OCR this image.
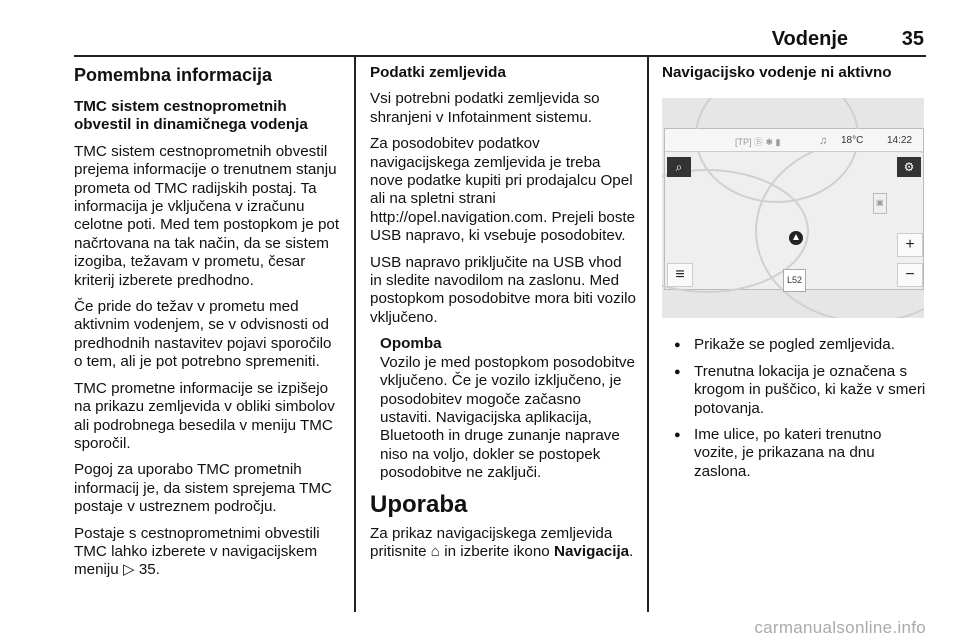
Vodenje	35
Pomembna informacija

TMC sistem cestnoprometnih obvestil in dinamičnega vodenja

TMC sistem cestnoprometnih obvestil prejema informacije o trenutnem stanju prometa od TMC radijskih postaj. Ta informacija je vključena v izračunu celotne poti. Med tem postopkom je pot načrtovana na tak način, da se sistem izogiba, težavam v prometu, česar kriterij izberete predhodno.

Če pride do težav v prometu med aktivnim vodenjem, se v odvisnosti od predhodnih nastavitev pojavi sporočilo o tem, ali je pot potrebno spremeniti.

TMC prometne informacije se izpišejo na prikazu zemljevida v obliki simbolov ali podrobnega besedila v meniju TMC sporočil.

Pogoj za uporabo TMC prometnih informacij je, da sistem sprejema TMC postaje v ustreznem področju.

Postaje s cestnoprometnimi obvestili TMC lahko izberete v navigacijskem meniju ▷ 35.

Podatki zemljevida

Vsi potrebni podatki zemljevida so shranjeni v Infotainment sistemu.

Za posodobitev podatkov navigacijskega zemljevida je treba nove podatke kupiti pri prodajalcu Opel ali na spletni strani http://opel.navigation.com. Prejeli boste USB napravo, ki vsebuje posodobitev.

USB napravo priključite na USB vhod in sledite navodilom na zaslonu. Med postopkom posodobitve mora biti vozilo vključeno.

Opomba

Vozilo je med postopkom posodobitve vključeno. Če je vozilo izključeno, je posodobitev mogoče začasno ustaviti. Navigacijska aplikacija, Bluetooth in druge zunanje naprave niso na voljo, dokler se postopek posodobitve ne zaključi.

Uporaba

Za prikaz navigacijskega zemljevida pritisnite ⌂ in izberite ikono Navigacija.

Navigacijsko vodenje ni aktivno

[TP] Ⓑ ✱ ▮	♫ 18°C 14:22
⌕	⚙
+
−
≡
▣
L52
● Prikaže se pogled zemljevida.
● Trenutna lokacija je označena s krogom in puščico, ki kaže v smeri potovanja.
● Ime ulice, po kateri trenutno vozite, je prikazana na dnu zaslona.
carmanualsonline.info
